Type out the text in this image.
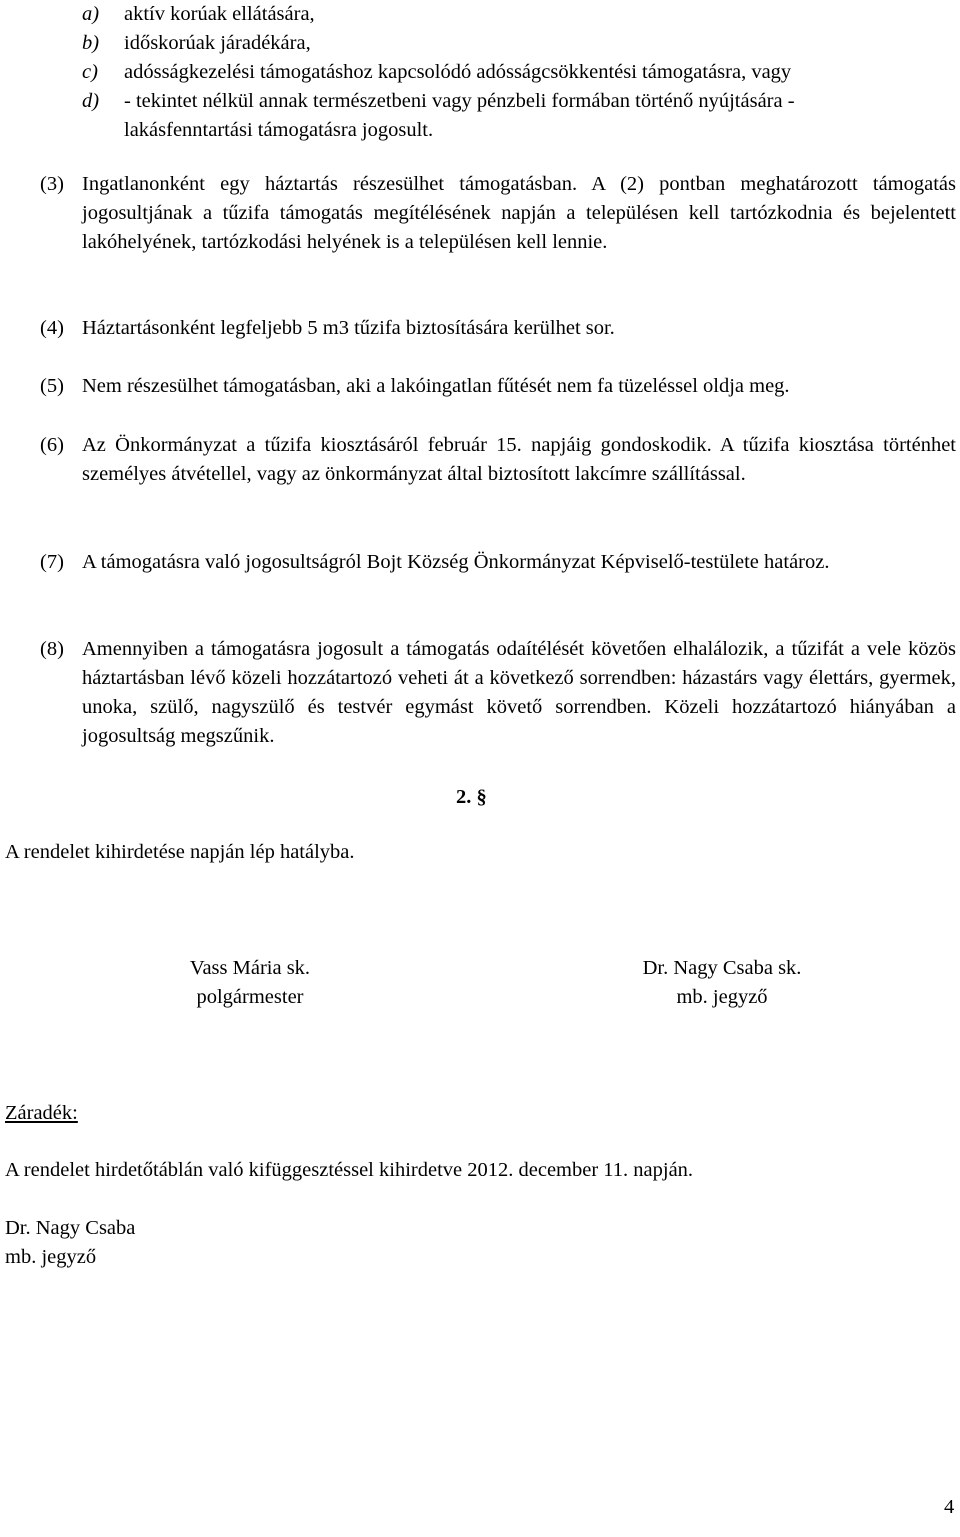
a) aktív korúak ellátására,
b) időskorúak járadékára,
c) adósságkezelési támogatáshoz kapcsolódó adósságcsökkentési támogatásra, vagy
d) - tekintet nélkül annak természetbeni vagy pénzbeli formában történő nyújtására -
lakásfenntartási támogatásra jogosult.
(3) Ingatlanonként egy háztartás részesülhet támogatásban. A (2) pontban meghatározott támogatás jogosultjának a tűzifa támogatás megítélésének napján a településen kell tartózkodnia és bejelentett lakóhelyének, tartózkodási helyének is a településen kell lennie.
(4) Háztartásonként legfeljebb 5 m3 tűzifa biztosítására kerülhet sor.
(5) Nem részesülhet támogatásban, aki a lakóingatlan fűtését nem fa tüzeléssel oldja meg.
(6) Az Önkormányzat a tűzifa kiosztásáról február 15. napjáig gondoskodik. A tűzifa kiosztása történhet személyes átvétellel, vagy az önkormányzat által biztosított lakcímre szállítással.
(7) A támogatásra való jogosultságról Bojt Község Önkormányzat Képviselő-testülete határoz.
(8) Amennyiben a támogatásra jogosult a támogatás odaítélését követően elhalálozik, a tűzifát a vele közös háztartásban lévő közeli hozzátartozó veheti át a következő sorrendben: házastárs vagy élettárs, gyermek, unoka, szülő, nagyszülő és testvér egymást követő sorrendben. Közeli hozzátartozó hiányában a jogosultság megszűnik.
2. §
A rendelet kihirdetése napján lép hatályba.
Vass Mária sk.
polgármester
Dr. Nagy Csaba sk.
mb. jegyző
Záradék:
A rendelet hirdetőtáblán való kifüggesztéssel kihirdetve 2012. december 11. napján.
Dr. Nagy Csaba
mb. jegyző
4
